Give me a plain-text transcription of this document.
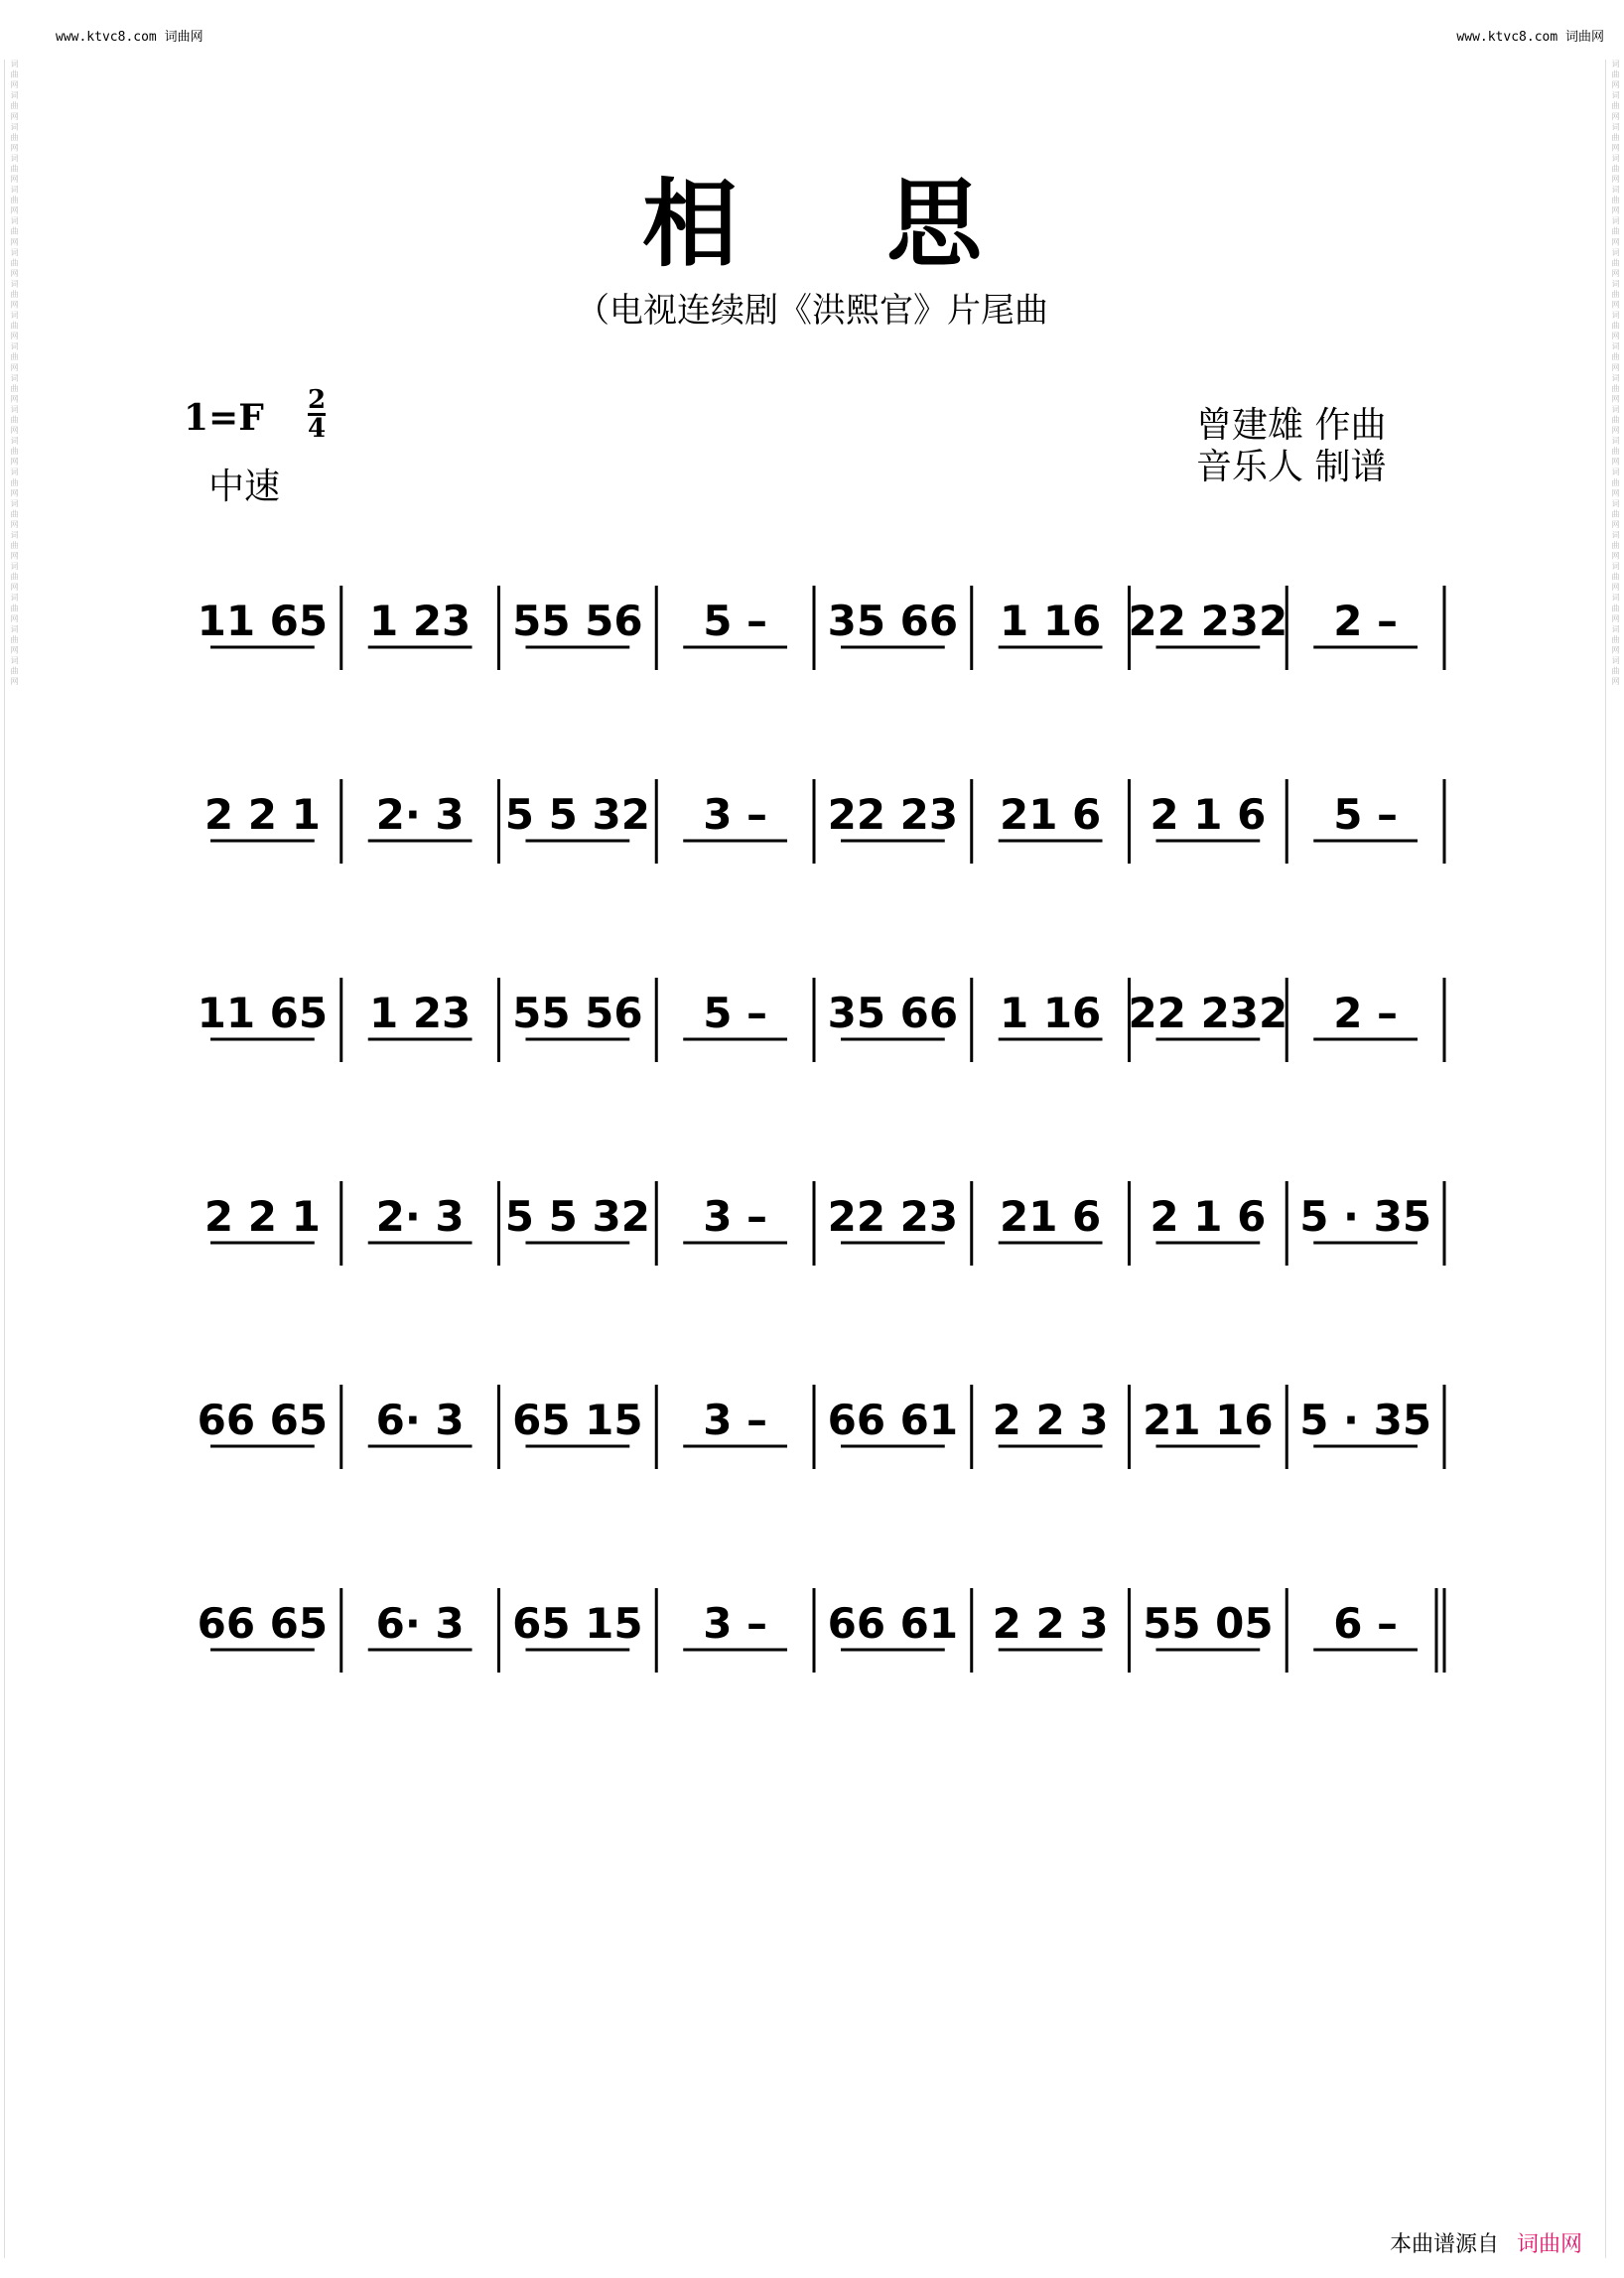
www.ktvc8.com 词曲网	www.ktvc8.com 词曲网
词 曲 网 词 曲 网 词 曲 网 词 曲 网 词 曲 网 词 曲 网 词 曲 网 词 曲 网 词 曲 网 词 曲 网 词 曲 网 词 曲 网 词 曲 网 词 曲 网 词 曲 网 词 曲 网 词 曲 网 词 曲 网 词 曲 网 词 曲 网	词 曲 网 词 曲 网 词 曲 网 词 曲 网 词 曲 网 词 曲 网 词 曲 网 词 曲 网 词 曲 网 词 曲 网 词 曲 网 词 曲 网 词 曲 网 词 曲 网 词 曲 网 词 曲 网 词 曲 网 词 曲 网 词 曲 网 词 曲 网
相思
（电视连续剧《洪熙官》片尾曲
1=F 2
4
中速
曾建雄 作曲
音乐人 制谱
11 65 1 23 55 56 5 – 35 66 1 16 22 232 2 –
2 2 1 2· 3 5 5 32 3 – 22 23 21 6 2 1 6 5 –
11 65 1 23 55 56 5 – 35 66 1 16 22 232 2 –
2 2 1 2· 3 5 5 32 3 – 22 23 21 6 2 1 6 5 · 35
66 65 6· 3 65 15 3 – 66 61 2 2 3 21 16 5 · 35
66 65 6· 3 65 15 3 – 66 61 2 2 3 55 05 6 –
本曲谱源自 词曲网
